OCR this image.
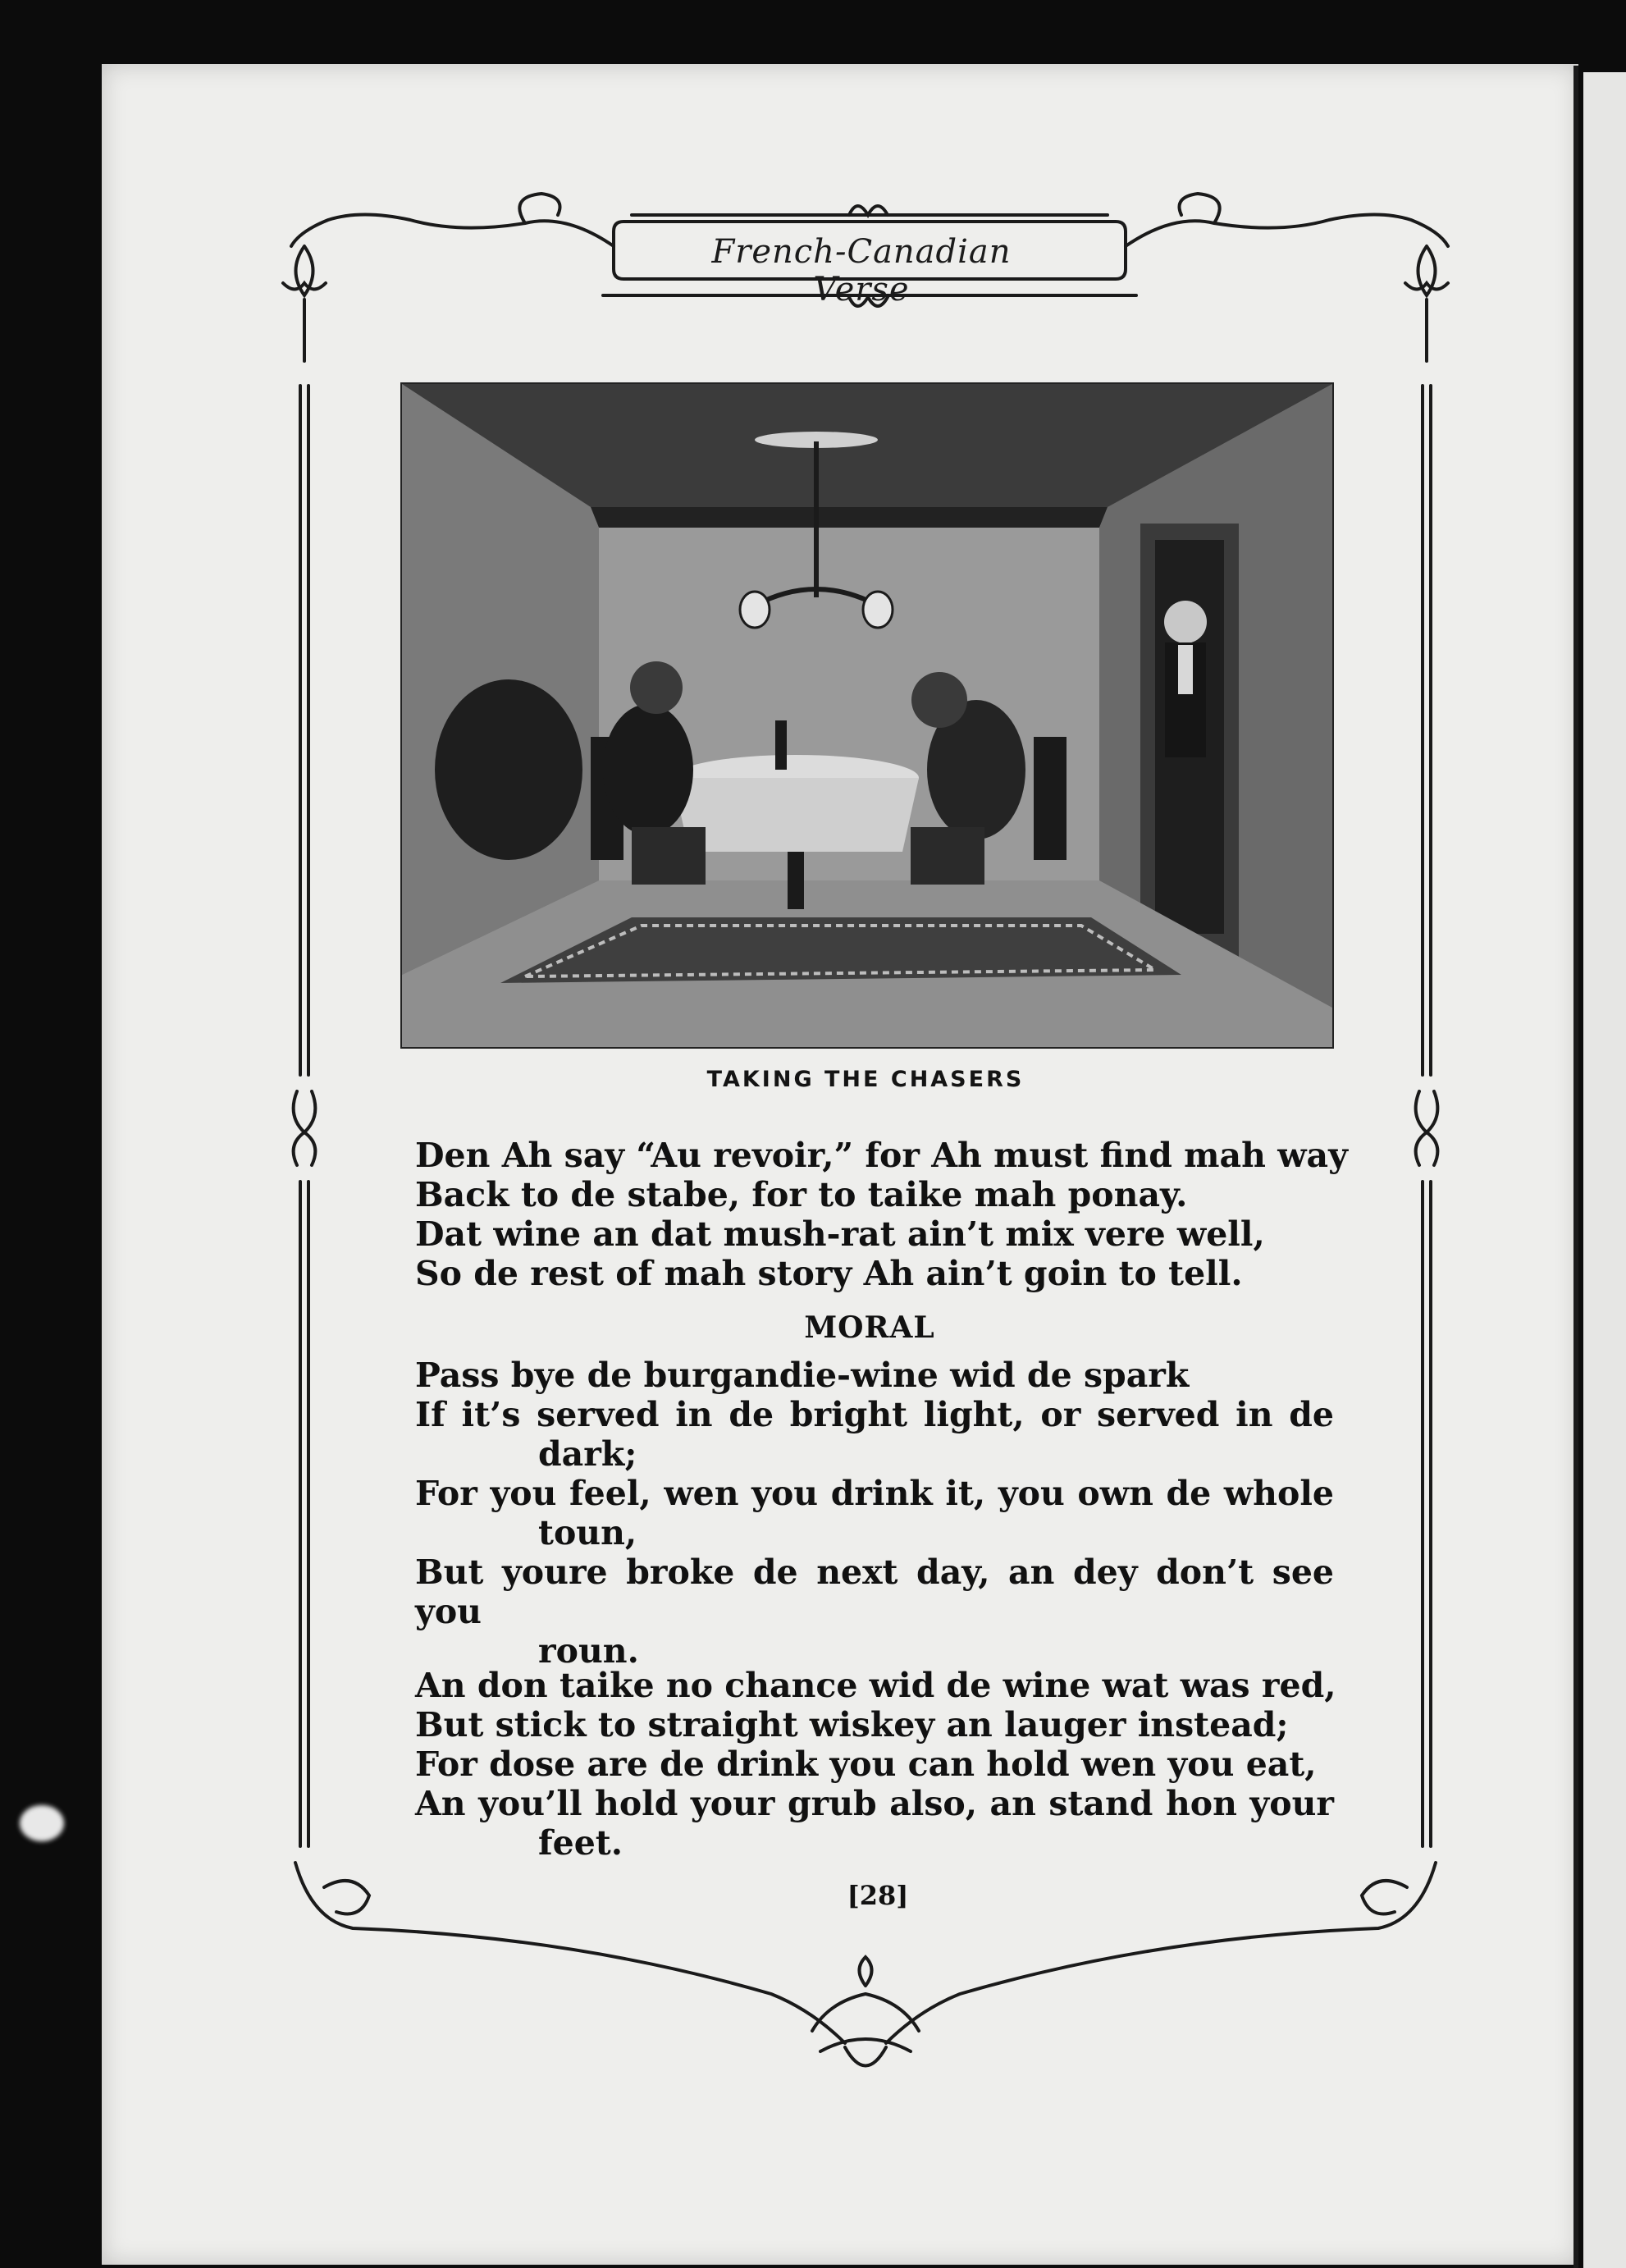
French-Canadian Verse
TAKING THE CHASERS
Den Ah say “Au revoir,” for Ah must find mah way
Back to de stabe, for to taike mah ponay.
Dat wine an dat mush-rat ain’t mix vere well,
So de rest of mah story Ah ain’t goin to tell.
MORAL
Pass bye de burgandie-wine wid de spark
If it’s served in de bright light, or served in de
dark;
For you feel, wen you drink it, you own de whole
toun,
But youre broke de next day, an dey don’t see you
roun.
An don taike no chance wid de wine wat was red,
But stick to straight wiskey an lauger instead;
For dose are de drink you can hold wen you eat,
An you’ll hold your grub also, an stand hon your
feet.
[28]
